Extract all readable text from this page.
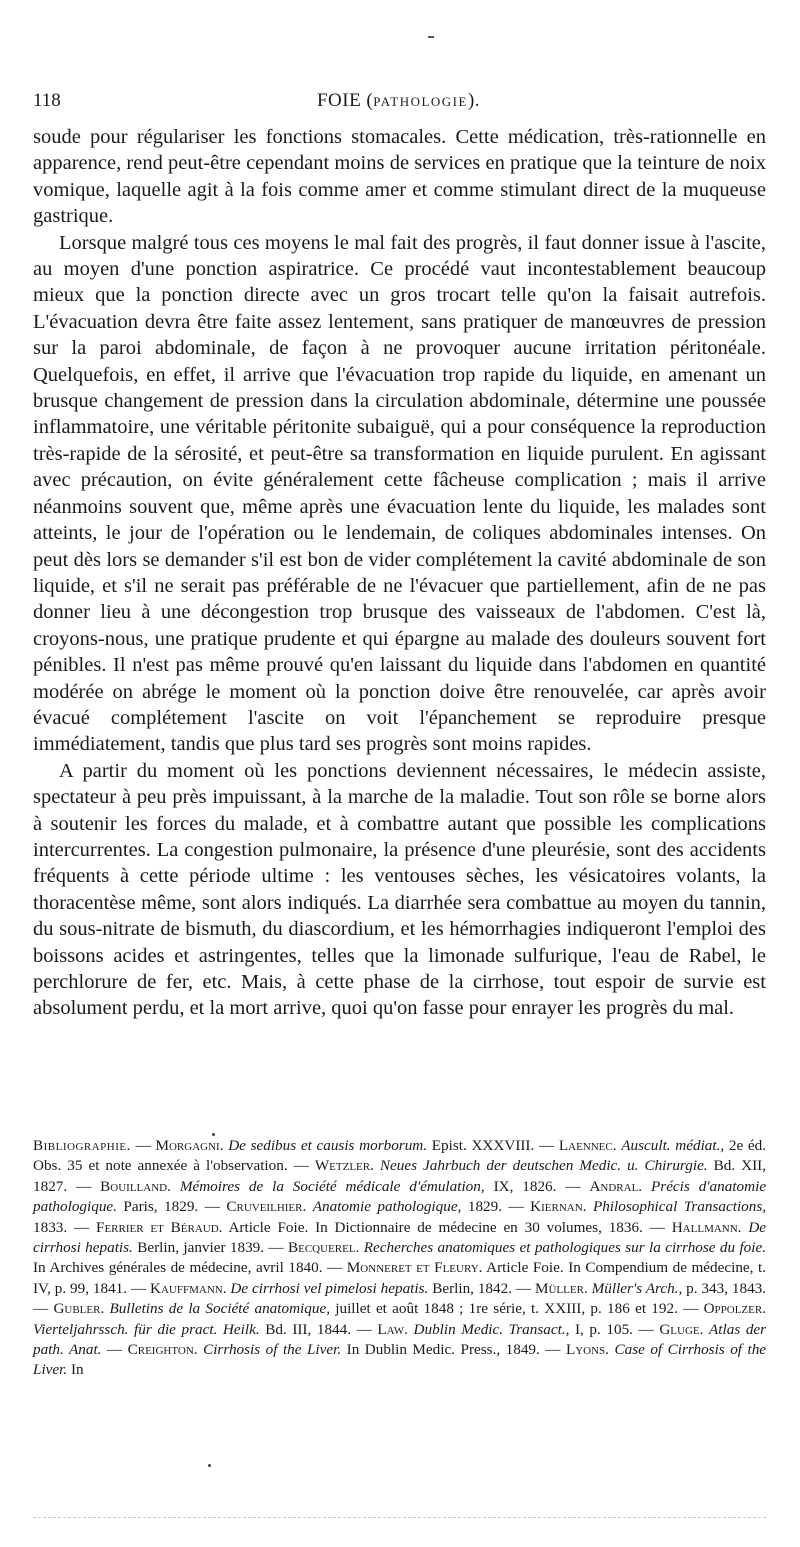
118	FOIE (PATHOLOGIE).

soude pour régulariser les fonctions stomacales. Cette médication, très-rationnelle en apparence, rend peut-être cependant moins de services en pratique que la teinture de noix vomique, laquelle agit à la fois comme amer et comme stimulant direct de la muqueuse gastrique.

Lorsque malgré tous ces moyens le mal fait des progrès, il faut donner issue à l'ascite, au moyen d'une ponction aspiratrice. Ce procédé vaut incontestablement beaucoup mieux que la ponction directe avec un gros trocart telle qu'on la faisait autrefois. L'évacuation devra être faite assez lentement, sans pratiquer de manœuvres de pression sur la paroi abdominale, de façon à ne provoquer aucune irritation péritonéale. Quelquefois, en effet, il arrive que l'évacuation trop rapide du liquide, en amenant un brusque changement de pression dans la circulation abdominale, détermine une poussée inflammatoire, une véritable péritonite subaiguë, qui a pour conséquence la reproduction très-rapide de la sérosité, et peut-être sa transformation en liquide purulent. En agissant avec précaution, on évite généralement cette fâcheuse complication ; mais il arrive néanmoins souvent que, même après une évacuation lente du liquide, les malades sont atteints, le jour de l'opération ou le lendemain, de coliques abdominales intenses. On peut dès lors se demander s'il est bon de vider complétement la cavité abdominale de son liquide, et s'il ne serait pas préférable de ne l'évacuer que partiellement, afin de ne pas donner lieu à une décongestion trop brusque des vaisseaux de l'abdomen. C'est là, croyons-nous, une pratique prudente et qui épargne au malade des douleurs souvent fort pénibles. Il n'est pas même prouvé qu'en laissant du liquide dans l'abdomen en quantité modérée on abrége le moment où la ponction doive être renouvelée, car après avoir évacué complétement l'ascite on voit l'épanchement se reproduire presque immédiatement, tandis que plus tard ses progrès sont moins rapides.

A partir du moment où les ponctions deviennent nécessaires, le médecin assiste, spectateur à peu près impuissant, à la marche de la maladie. Tout son rôle se borne alors à soutenir les forces du malade, et à combattre autant que possible les complications intercurrentes. La congestion pulmonaire, la présence d'une pleurésie, sont des accidents fréquents à cette période ultime : les ventouses sèches, les vésicatoires volants, la thoracentèse même, sont alors indiqués. La diarrhée sera combattue au moyen du tannin, du sous-nitrate de bismuth, du diascordium, et les hémorrhagies indiqueront l'emploi des boissons acides et astringentes, telles que la limonade sulfurique, l'eau de Rabel, le perchlorure de fer, etc. Mais, à cette phase de la cirrhose, tout espoir de survie est absolument perdu, et la mort arrive, quoi qu'on fasse pour enrayer les progrès du mal.

Bibliographie. — Morgagni. De sedibus et causis morborum. Epist. XXXVIII. — Laennec. Auscult. médiat., 2e éd. Obs. 35 et note annexée à l'observation. — Wetzler. Neues Jahrbuch der deutschen Medic. u. Chirurgie. Bd. XII, 1827. — Bouilland. Mémoires de la Société médicale d'émulation, IX, 1826. — Andral. Précis d'anatomie pathologique. Paris, 1829. — Cruveilhier. Anatomie pathologique, 1829. — Kiernan. Philosophical Transactions, 1833. — Ferrier et Béraud. Article Foie. In Dictionnaire de médecine en 30 volumes, 1836. — Hallmann. De cirrhosi hepatis. Berlin, janvier 1839. — Becquerel. Recherches anatomiques et pathologiques sur la cirrhose du foie. In Archives générales de médecine, avril 1840. — Monneret et Fleury. Article Foie. In Compendium de médecine, t. IV, p. 99, 1841. — Kauffmann. De cirrhosi vel pimelosi hepatis. Berlin, 1842. — Müller. Müller's Arch., p. 343, 1843. — Gubler. Bulletins de la Société anatomique, juillet et août 1848 ; 1re série, t. XXIII, p. 186 et 192. — Oppolzer. Vierteljahrssch. für die pract. Heilk. Bd. III, 1844. — Law. Dublin Medic. Transact., I, p. 105. — Gluge. Atlas der path. Anat. — Creighton. Cirrhosis of the Liver. In Dublin Medic. Press., 1849. — Lyons. Case of Cirrhosis of the Liver. In
